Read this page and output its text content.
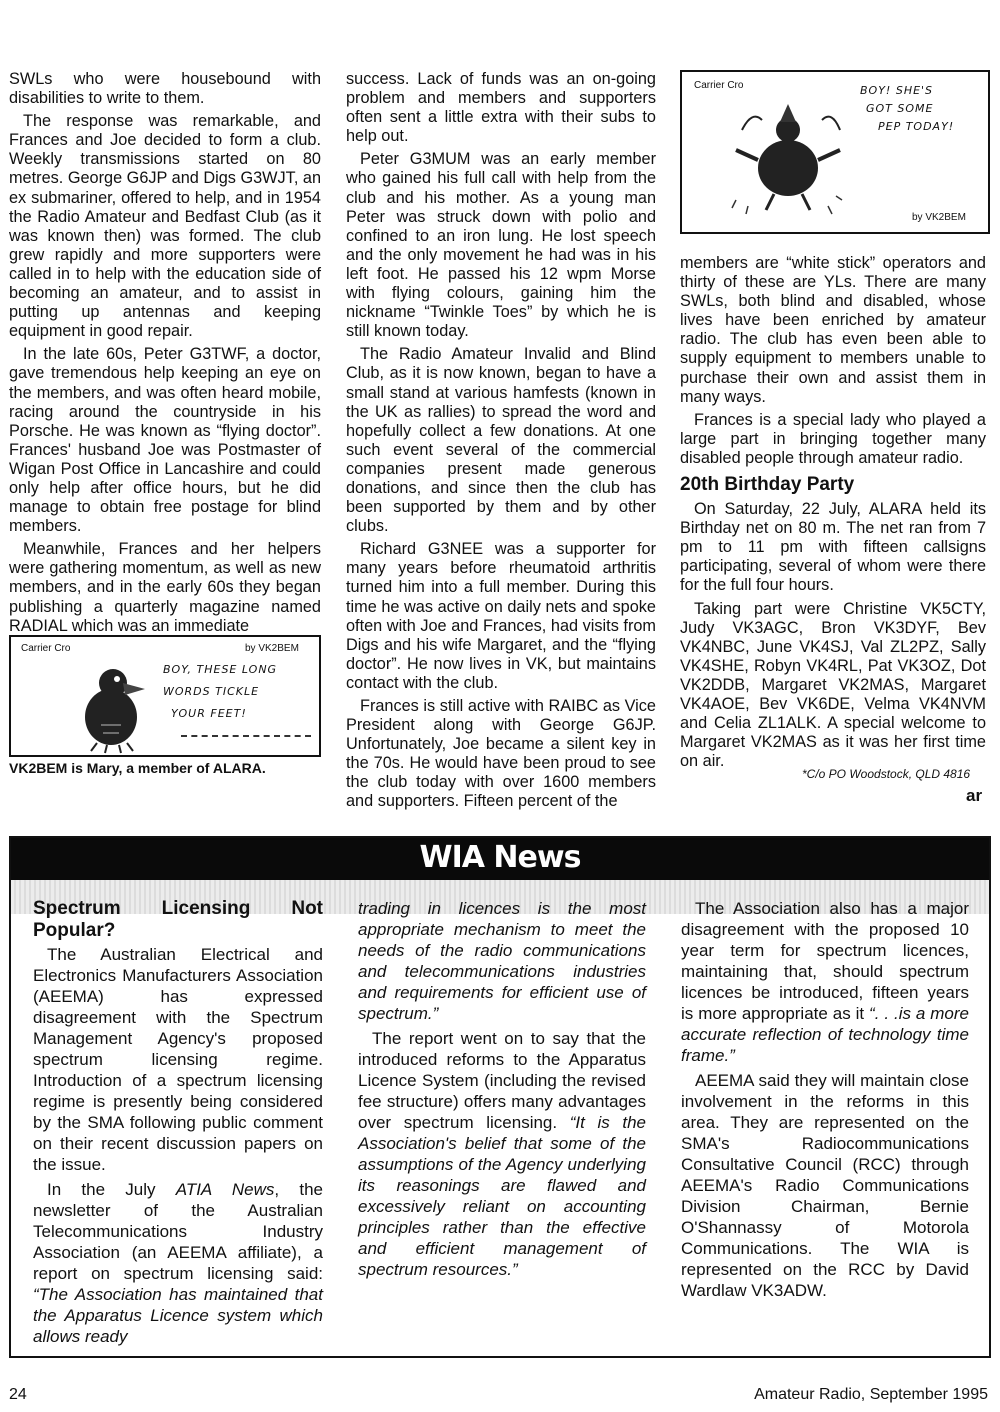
SWLs who were housebound with disabilities to write to them.

The response was remarkable, and Frances and Joe decided to form a club. Weekly transmissions started on 80 metres. George G6JP and Digs G3WJT, an ex submariner, offered to help, and in 1954 the Radio Amateur and Bedfast Club (as it was known then) was formed. The club grew rapidly and more supporters were called in to help with the education side of becoming an amateur, and to assist in putting up antennas and keeping equipment in good repair.

In the late 60s, Peter G3TWF, a doctor, gave tremendous help keeping an eye on the members, and was often heard mobile, racing around the countryside in his Porsche. He was known as “flying doctor”. Frances' husband Joe was Postmaster of Wigan Post Office in Lancashire and could only help after office hours, but he did manage to obtain free postage for blind members.

Meanwhile, Frances and her helpers were gathering momentum, as well as new members, and in the early 60s they began publishing a quarterly magazine named RADIAL which was an immediate

Carrier Cro	by VK2BEM
BOY, THESE LONG
WORDS TICKLE
YOUR FEET!
VK2BEM is Mary, a member of ALARA.

success. Lack of funds was an on-going problem and members and supporters often sent a little extra with their subs to help out.

Peter G3MUM was an early member who gained his full call with help from the club and his mother. As a young man Peter was struck down with polio and confined to an iron lung. He lost speech and the only movement he had was in his left foot. He passed his 12 wpm Morse with flying colours, gaining him the nickname “Twinkle Toes” by which he is still known today.

The Radio Amateur Invalid and Blind Club, as it is now known, began to have a small stand at various hamfests (known in the UK as rallies) to spread the word and hopefully collect a few donations. At one such event several of the commercial companies present made generous donations, and since then the club has been supported by them and by other clubs.

Richard G3NEE was a supporter for many years before rheumatoid arthritis turned him into a full member. During this time he was active on daily nets and spoke often with Joe and Frances, had visits from Digs and his wife Margaret, and the “flying doctor”. He now lives in VK, but maintains contact with the club.

Frances is still active with RAIBC as Vice President along with George G6JP. Unfortunately, Joe became a silent key in the 70s. He would have been proud to see the club today with over 1600 members and supporters. Fifteen percent of the

Carrier Cro
by VK2BEM
BOY! SHE'S
GOT SOME
PEP TODAY!

members are “white stick” operators and thirty of these are YLs. There are many SWLs, both blind and disabled, whose lives have been enriched by amateur radio. The club has even been able to supply equipment to members unable to purchase their own and assist them in many ways.

Frances is a special lady who played a large part in bringing together many disabled people through amateur radio.

20th Birthday Party

On Saturday, 22 July, ALARA held its Birthday net on 80 m. The net ran from 7 pm to 11 pm with fifteen callsigns participating, several of whom were there for the full four hours.

Taking part were Christine VK5CTY, Judy VK3AGC, Bron VK3DYF, Bev VK4NBC, June VK4SJ, Val ZL2PZ, Sally VK4SHE, Robyn VK4RL, Pat VK3OZ, Dot VK2DDB, Margaret VK2MAS, Margaret VK4AOE, Bev VK6DE, Velma VK4NVM and Celia ZL1ALK. A special welcome to Margaret VK2MAS as it was her first time on air.

*C/o PO Woodstock, QLD 4816
ar
WIA News
Spectrum Licensing Not Popular?

The Australian Electrical and Electronics Manufacturers Association (AEEMA) has expressed disagreement with the Spectrum Management Agency's proposed spectrum licensing regime. Introduction of a spectrum licensing regime is presently being considered by the SMA following public comment on their recent discussion papers on the issue.

In the July ATIA News, the newsletter of the Australian Telecommunications Industry Association (an AEEMA affiliate), a report on spectrum licensing said: “The Association has maintained that the Apparatus Licence system which allows ready

trading in licences is the most appropriate mechanism to meet the needs of the radio communications and telecommunications industries and requirements for efficient use of spectrum.”

The report went on to say that the introduced reforms to the Apparatus Licence System (including the revised fee structure) offers many advantages over spectrum licensing. “It is the Association's belief that some of the assumptions of the Agency underlying its reasonings are flawed and excessively reliant on accounting principles rather than the effective and efficient management of spectrum resources.”

The Association also has a major disagreement with the proposed 10 year term for spectrum licences, maintaining that, should spectrum licences be introduced, fifteen years is more appropriate as it “. . .is a more accurate reflection of technology time frame.”

AEEMA said they will maintain close involvement in the reforms in this area. They are represented on the SMA's Radiocommunications Consultative Council (RCC) through AEEMA's Radio Communications Division Chairman, Bernie O'Shannassy of Motorola Communications. The WIA is represented on the RCC by David Wardlaw VK3ADW.

24	Amateur Radio, September 1995
